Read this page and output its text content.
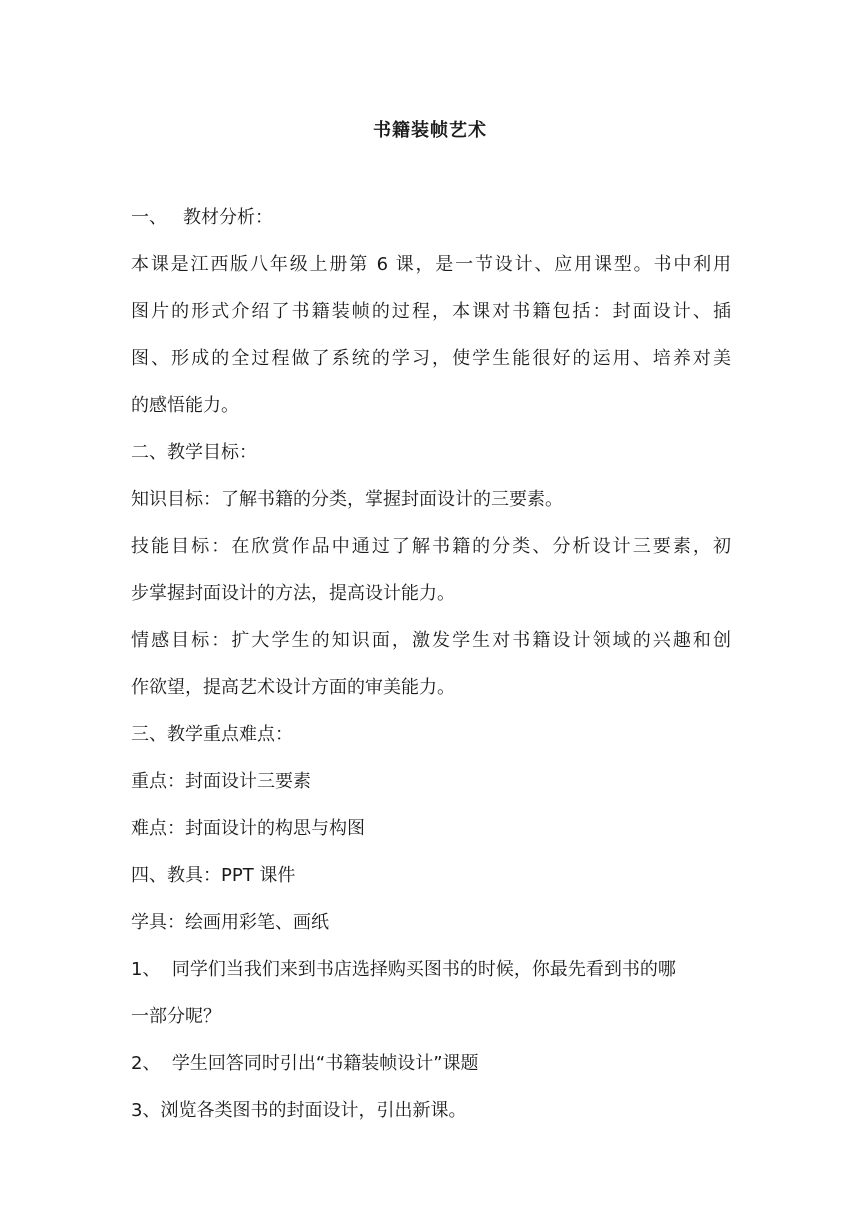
书籍装帧艺术

一、 教材分析：

本课是江西版八年级上册第 6 课，是一节设计、应用课型。书中利用

图片的形式介绍了书籍装帧的过程，本课对书籍包括：封面设计、插

图、形成的全过程做了系统的学习，使学生能很好的运用、培养对美

的感悟能力。

二、教学目标：

知识目标：了解书籍的分类，掌握封面设计的三要素。

技能目标：在欣赏作品中通过了解书籍的分类、分析设计三要素，初

步掌握封面设计的方法，提高设计能力。

情感目标：扩大学生的知识面，激发学生对书籍设计领域的兴趣和创

作欲望，提高艺术设计方面的审美能力。

三、教学重点难点：

重点：封面设计三要素

难点：封面设计的构思与构图

四、教具：PPT 课件

学具：绘画用彩笔、画纸

1、 同学们当我们来到书店选择购买图书的时候，你最先看到书的哪

一部分呢？

2、 学生回答同时引出“书籍装帧设计”课题

3、浏览各类图书的封面设计，引出新课。
